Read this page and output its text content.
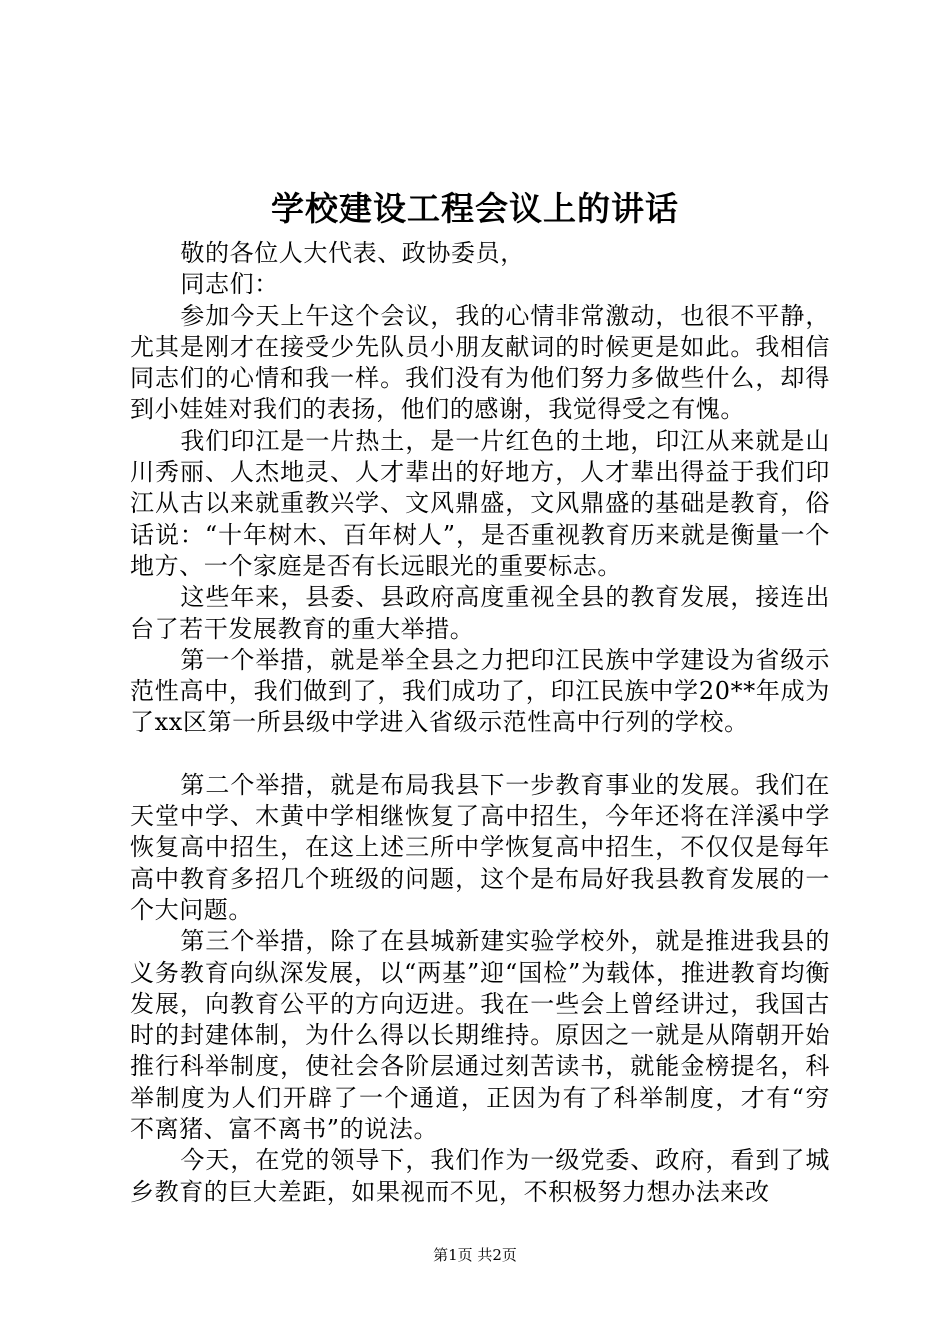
学校建设工程会议上的讲话

敬的各位人大代表、政协委员，

同志们：

参加今天上午这个会议，我的心情非常激动，也很不平静，尤其是刚才在接受少先队员小朋友献词的时候更是如此。我相信同志们的心情和我一样。我们没有为他们努力多做些什么，却得到小娃娃对我们的表扬，他们的感谢，我觉得受之有愧。

我们印江是一片热土，是一片红色的土地，印江从来就是山川秀丽、人杰地灵、人才辈出的好地方，人才辈出得益于我们印江从古以来就重教兴学、文风鼎盛，文风鼎盛的基础是教育，俗话说：“十年树木、百年树人”，是否重视教育历来就是衡量一个地方、一个家庭是否有长远眼光的重要标志。

这些年来，县委、县政府高度重视全县的教育发展，接连出台了若干发展教育的重大举措。

第一个举措，就是举全县之力把印江民族中学建设为省级示范性高中，我们做到了，我们成功了，印江民族中学20**年成为了xx区第一所县级中学进入省级示范性高中行列的学校。

第二个举措，就是布局我县下一步教育事业的发展。我们在天堂中学、木黄中学相继恢复了高中招生，今年还将在洋溪中学恢复高中招生，在这上述三所中学恢复高中招生，不仅仅是每年高中教育多招几个班级的问题，这个是布局好我县教育发展的一个大问题。

第三个举措，除了在县城新建实验学校外，就是推进我县的义务教育向纵深发展，以“两基”迎“国检”为载体，推进教育均衡发展，向教育公平的方向迈进。我在一些会上曾经讲过，我国古时的封建体制，为什么得以长期维持。原因之一就是从隋朝开始推行科举制度，使社会各阶层通过刻苦读书，就能金榜提名，科举制度为人们开辟了一个通道，正因为有了科举制度，才有“穷不离猪、富不离书”的说法。

今天，在党的领导下，我们作为一级党委、政府，看到了城乡教育的巨大差距，如果视而不见，不积极努力想办法来改

第1页 共2页
